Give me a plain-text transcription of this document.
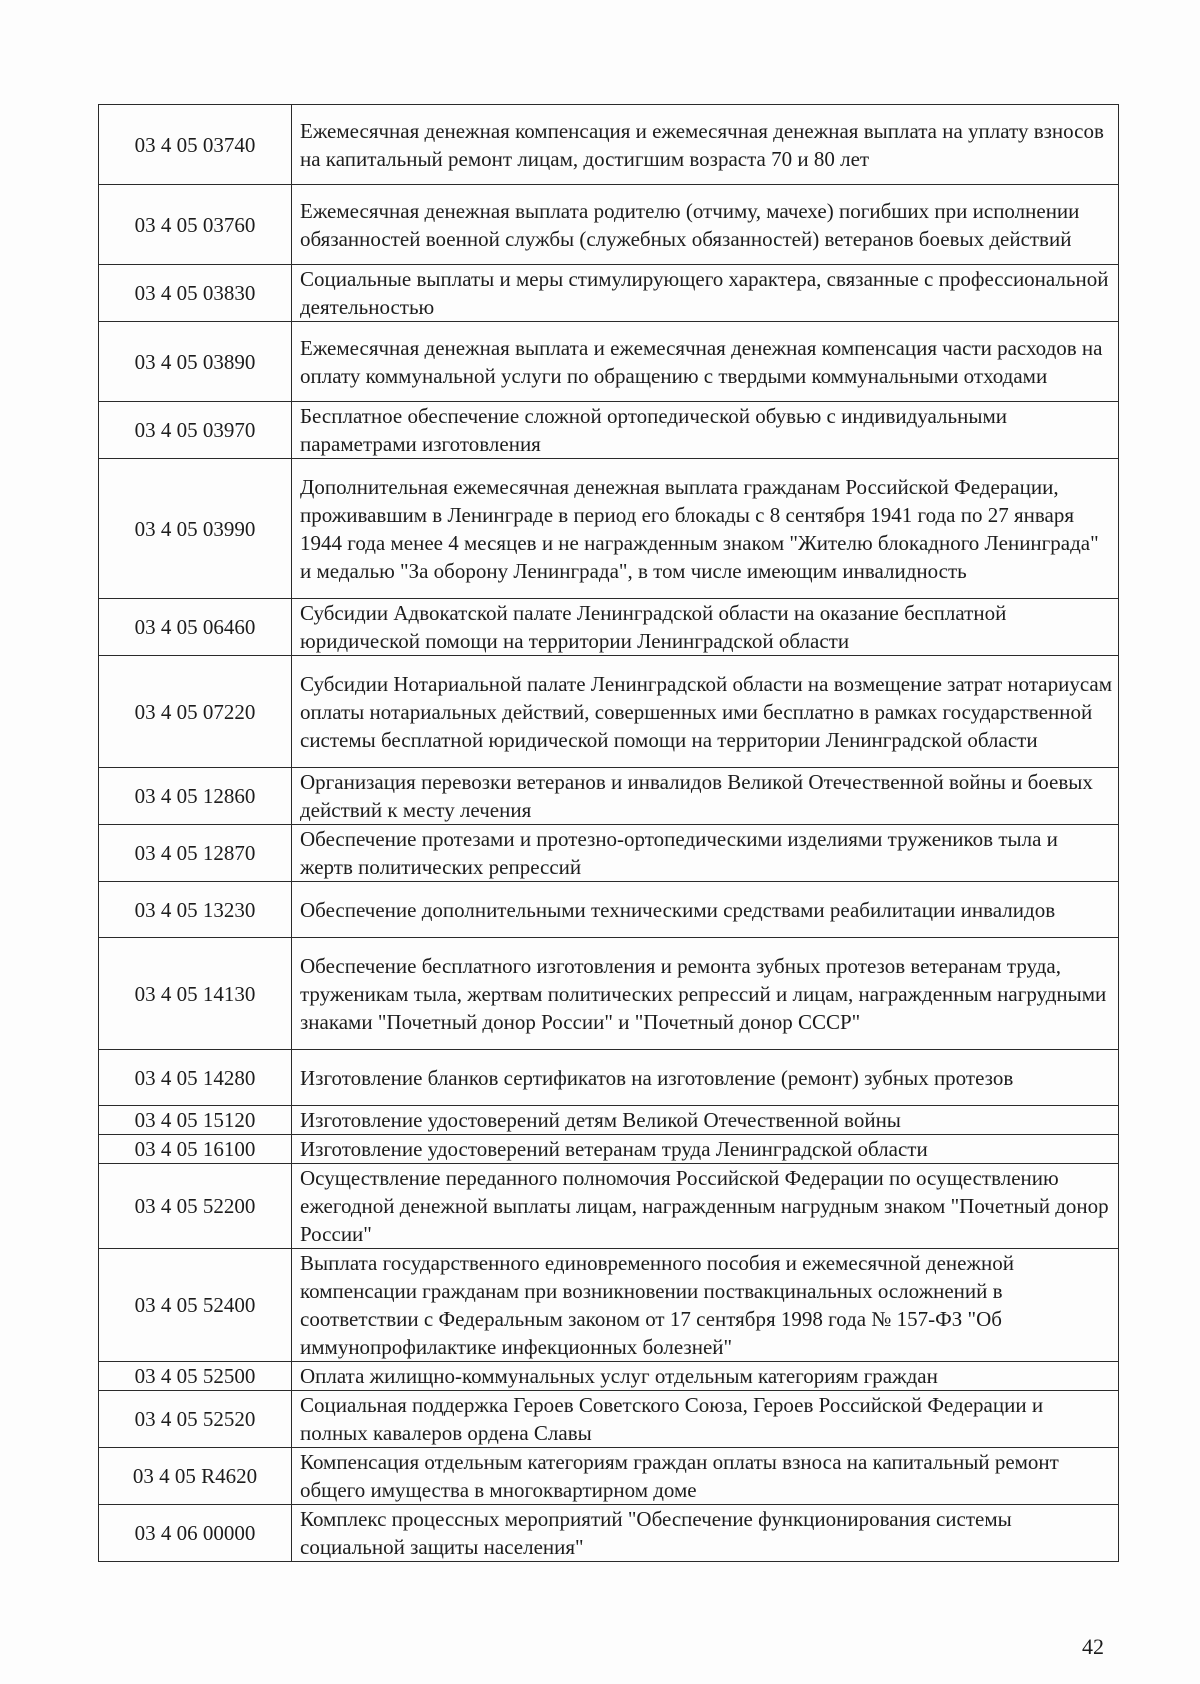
03 4 05 03740	Ежемесячная денежная компенсация и ежемесячная денежная выплата на уплату взносов на капитальный ремонт лицам, достигшим возраста 70 и 80 лет
03 4 05 03760	Ежемесячная денежная выплата родителю (отчиму, мачехе) погибших при исполнении обязанностей военной службы (служебных обязанностей) ветеранов боевых действий
03 4 05 03830	Социальные выплаты и меры стимулирующего характера, связанные с профессиональной деятельностью
03 4 05 03890	Ежемесячная денежная выплата и ежемесячная денежная компенсация части расходов на оплату коммунальной услуги по обращению с твердыми коммунальными отходами
03 4 05 03970	Бесплатное обеспечение сложной ортопедической обувью с индивидуальными параметрами изготовления
03 4 05 03990	Дополнительная ежемесячная денежная выплата гражданам Российской Федерации, проживавшим в Ленинграде в период его блокады с 8 сентября 1941 года по 27 января 1944 года менее 4 месяцев и не награжденным знаком "Жителю блокадного Ленинграда" и медалью "За оборону Ленинграда", в том числе имеющим инвалидность
03 4 05 06460	Субсидии Адвокатской палате Ленинградской области на оказание бесплатной юридической помощи на территории Ленинградской области
03 4 05 07220	Субсидии Нотариальной палате Ленинградской области на возмещение затрат нотариусам оплаты нотариальных действий, совершенных ими бесплатно в рамках государственной системы бесплатной юридической помощи на территории Ленинградской области
03 4 05 12860	Организация перевозки ветеранов и инвалидов Великой Отечественной войны и боевых действий к месту лечения
03 4 05 12870	Обеспечение протезами и протезно-ортопедическими изделиями тружеников тыла и жертв политических репрессий
03 4 05 13230	Обеспечение дополнительными техническими средствами реабилитации инвалидов
03 4 05 14130	Обеспечение бесплатного изготовления и ремонта зубных протезов ветеранам труда, труженикам тыла, жертвам политических репрессий и лицам, награжденным нагрудными знаками "Почетный донор России" и "Почетный донор СССР"
03 4 05 14280	Изготовление бланков сертификатов на изготовление (ремонт) зубных протезов
03 4 05 15120	Изготовление удостоверений детям Великой Отечественной войны
03 4 05 16100	Изготовление удостоверений ветеранам труда Ленинградской области
03 4 05 52200	Осуществление переданного полномочия Российской Федерации по осуществлению ежегодной денежной выплаты лицам, награжденным нагрудным знаком "Почетный донор России"
03 4 05 52400	Выплата государственного единовременного пособия и ежемесячной денежной компенсации гражданам при возникновении поствакцинальных осложнений в соответствии с Федеральным законом от 17 сентября 1998 года № 157-ФЗ "Об иммунопрофилактике инфекционных болезней"
03 4 05 52500	Оплата жилищно-коммунальных услуг отдельным категориям граждан
03 4 05 52520	Социальная поддержка Героев Советского Союза, Героев Российской Федерации и полных кавалеров ордена Славы
03 4 05 R4620	Компенсация отдельным категориям граждан оплаты взноса на капитальный ремонт общего имущества в многоквартирном доме
03 4 06 00000	Комплекс процессных мероприятий "Обеспечение функционирования системы социальной защиты населения"
42
